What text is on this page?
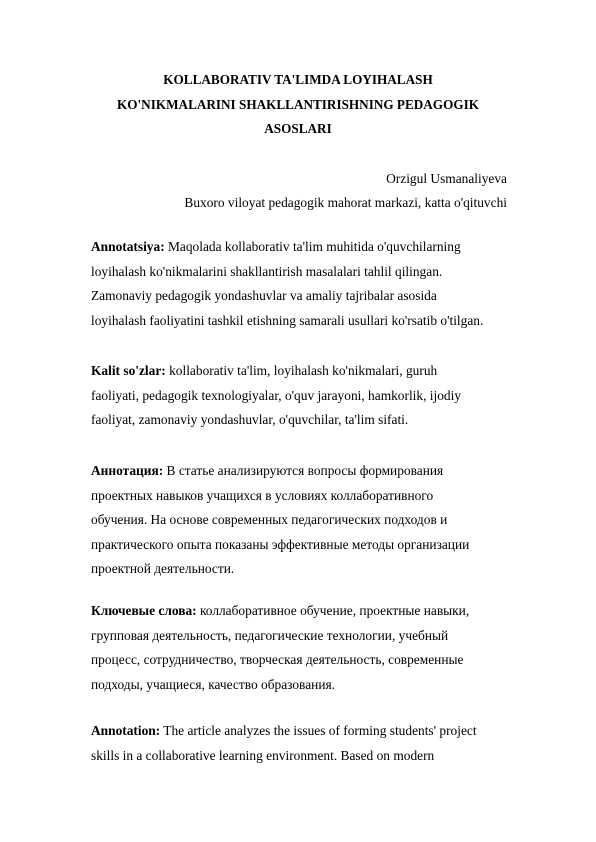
KOLLABORATIV TA'LIMDA LOYIHALASH
KO'NIKMALARINI SHAKLLANTIRISHNING PEDAGOGIK
ASOSLARI
Orzigul Usmanaliyeva
Buxoro viloyat pedagogik mahorat markazi, katta o'qituvchi
Annotatsiya: Maqolada kollaborativ ta'lim muhitida o'quvchilarning
loyihalash ko'nikmalarini shakllantirish masalalari tahlil qilingan.
Zamonaviy pedagogik yondashuvlar va amaliy tajribalar asosida
loyihalash faoliyatini tashkil etishning samarali usullari ko'rsatib o'tilgan.
Kalit so'zlar: kollaborativ ta'lim, loyihalash ko'nikmalari, guruh
faoliyati, pedagogik texnologiyalar, o'quv jarayoni, hamkorlik, ijodiy
faoliyat, zamonaviy yondashuvlar, o'quvchilar, ta'lim sifati.
Аннотация: В статье анализируются вопросы формирования
проектных навыков учащихся в условиях коллаборативного
обучения. На основе современных педагогических подходов и
практического опыта показаны эффективные методы организации
проектной деятельности.
Ключевые слова: коллаборативное обучение, проектные навыки,
групповая деятельность, педагогические технологии, учебный
процесс, сотрудничество, творческая деятельность, современные
подходы, учащиеся, качество образования.
Annotation: The article analyzes the issues of forming students' project
skills in a collaborative learning environment. Based on modern
